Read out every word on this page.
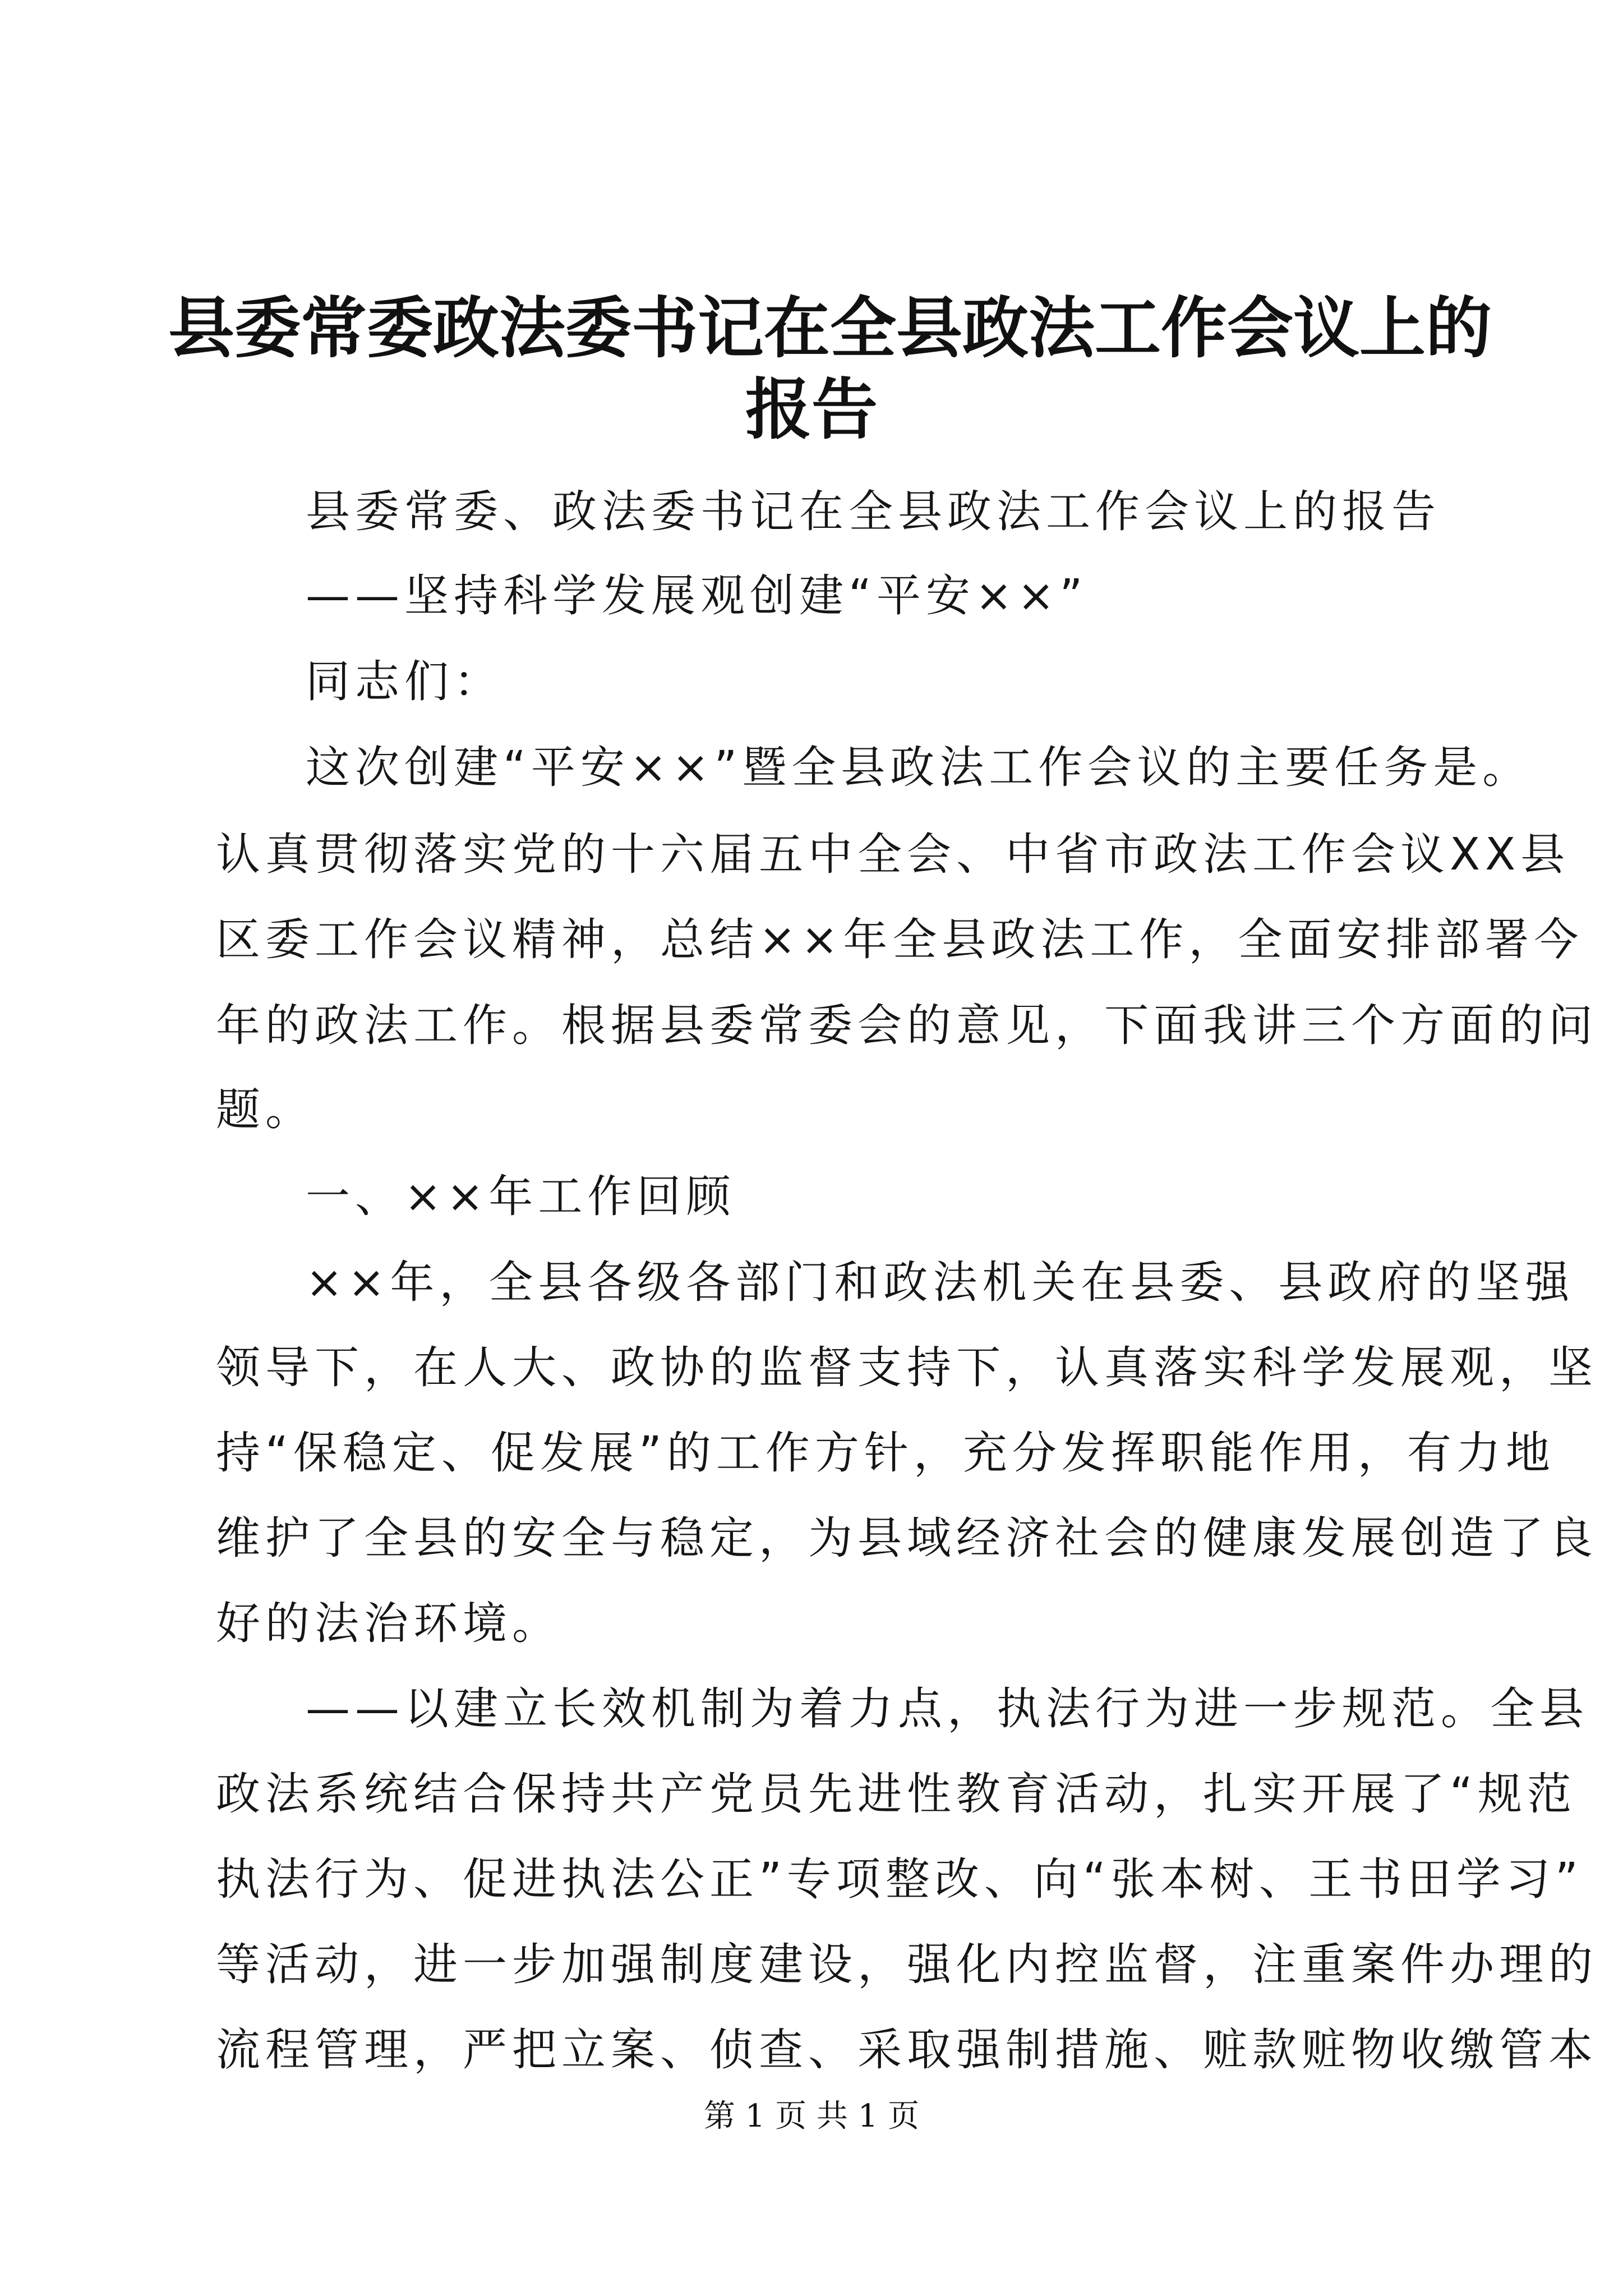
县委常委政法委书记在全县政法工作会议上的
报告
县委常委、政法委书记在全县政法工作会议上的报告
——坚持科学发展观创建“平安××”
同志们：
这次创建“平安××”暨全县政法工作会议的主要任务是。
认真贯彻落实党的十六届五中全会、中省市政法工作会议XX县
区委工作会议精神，总结××年全县政法工作，全面安排部署今
年的政法工作。根据县委常委会的意见，下面我讲三个方面的问
题。
一、××年工作回顾
××年，全县各级各部门和政法机关在县委、县政府的坚强
领导下，在人大、政协的监督支持下，认真落实科学发展观，坚
持“保稳定、促发展”的工作方针，充分发挥职能作用，有力地
维护了全县的安全与稳定，为县域经济社会的健康发展创造了良
好的法治环境。
——以建立长效机制为着力点，执法行为进一步规范。全县
政法系统结合保持共产党员先进性教育活动，扎实开展了“规范
执法行为、促进执法公正”专项整改、向“张本树、王书田学习”
等活动，进一步加强制度建设，强化内控监督，注重案件办理的
流程管理，严把立案、侦查、采取强制措施、赃款赃物收缴管本
第 1 页 共 1 页
